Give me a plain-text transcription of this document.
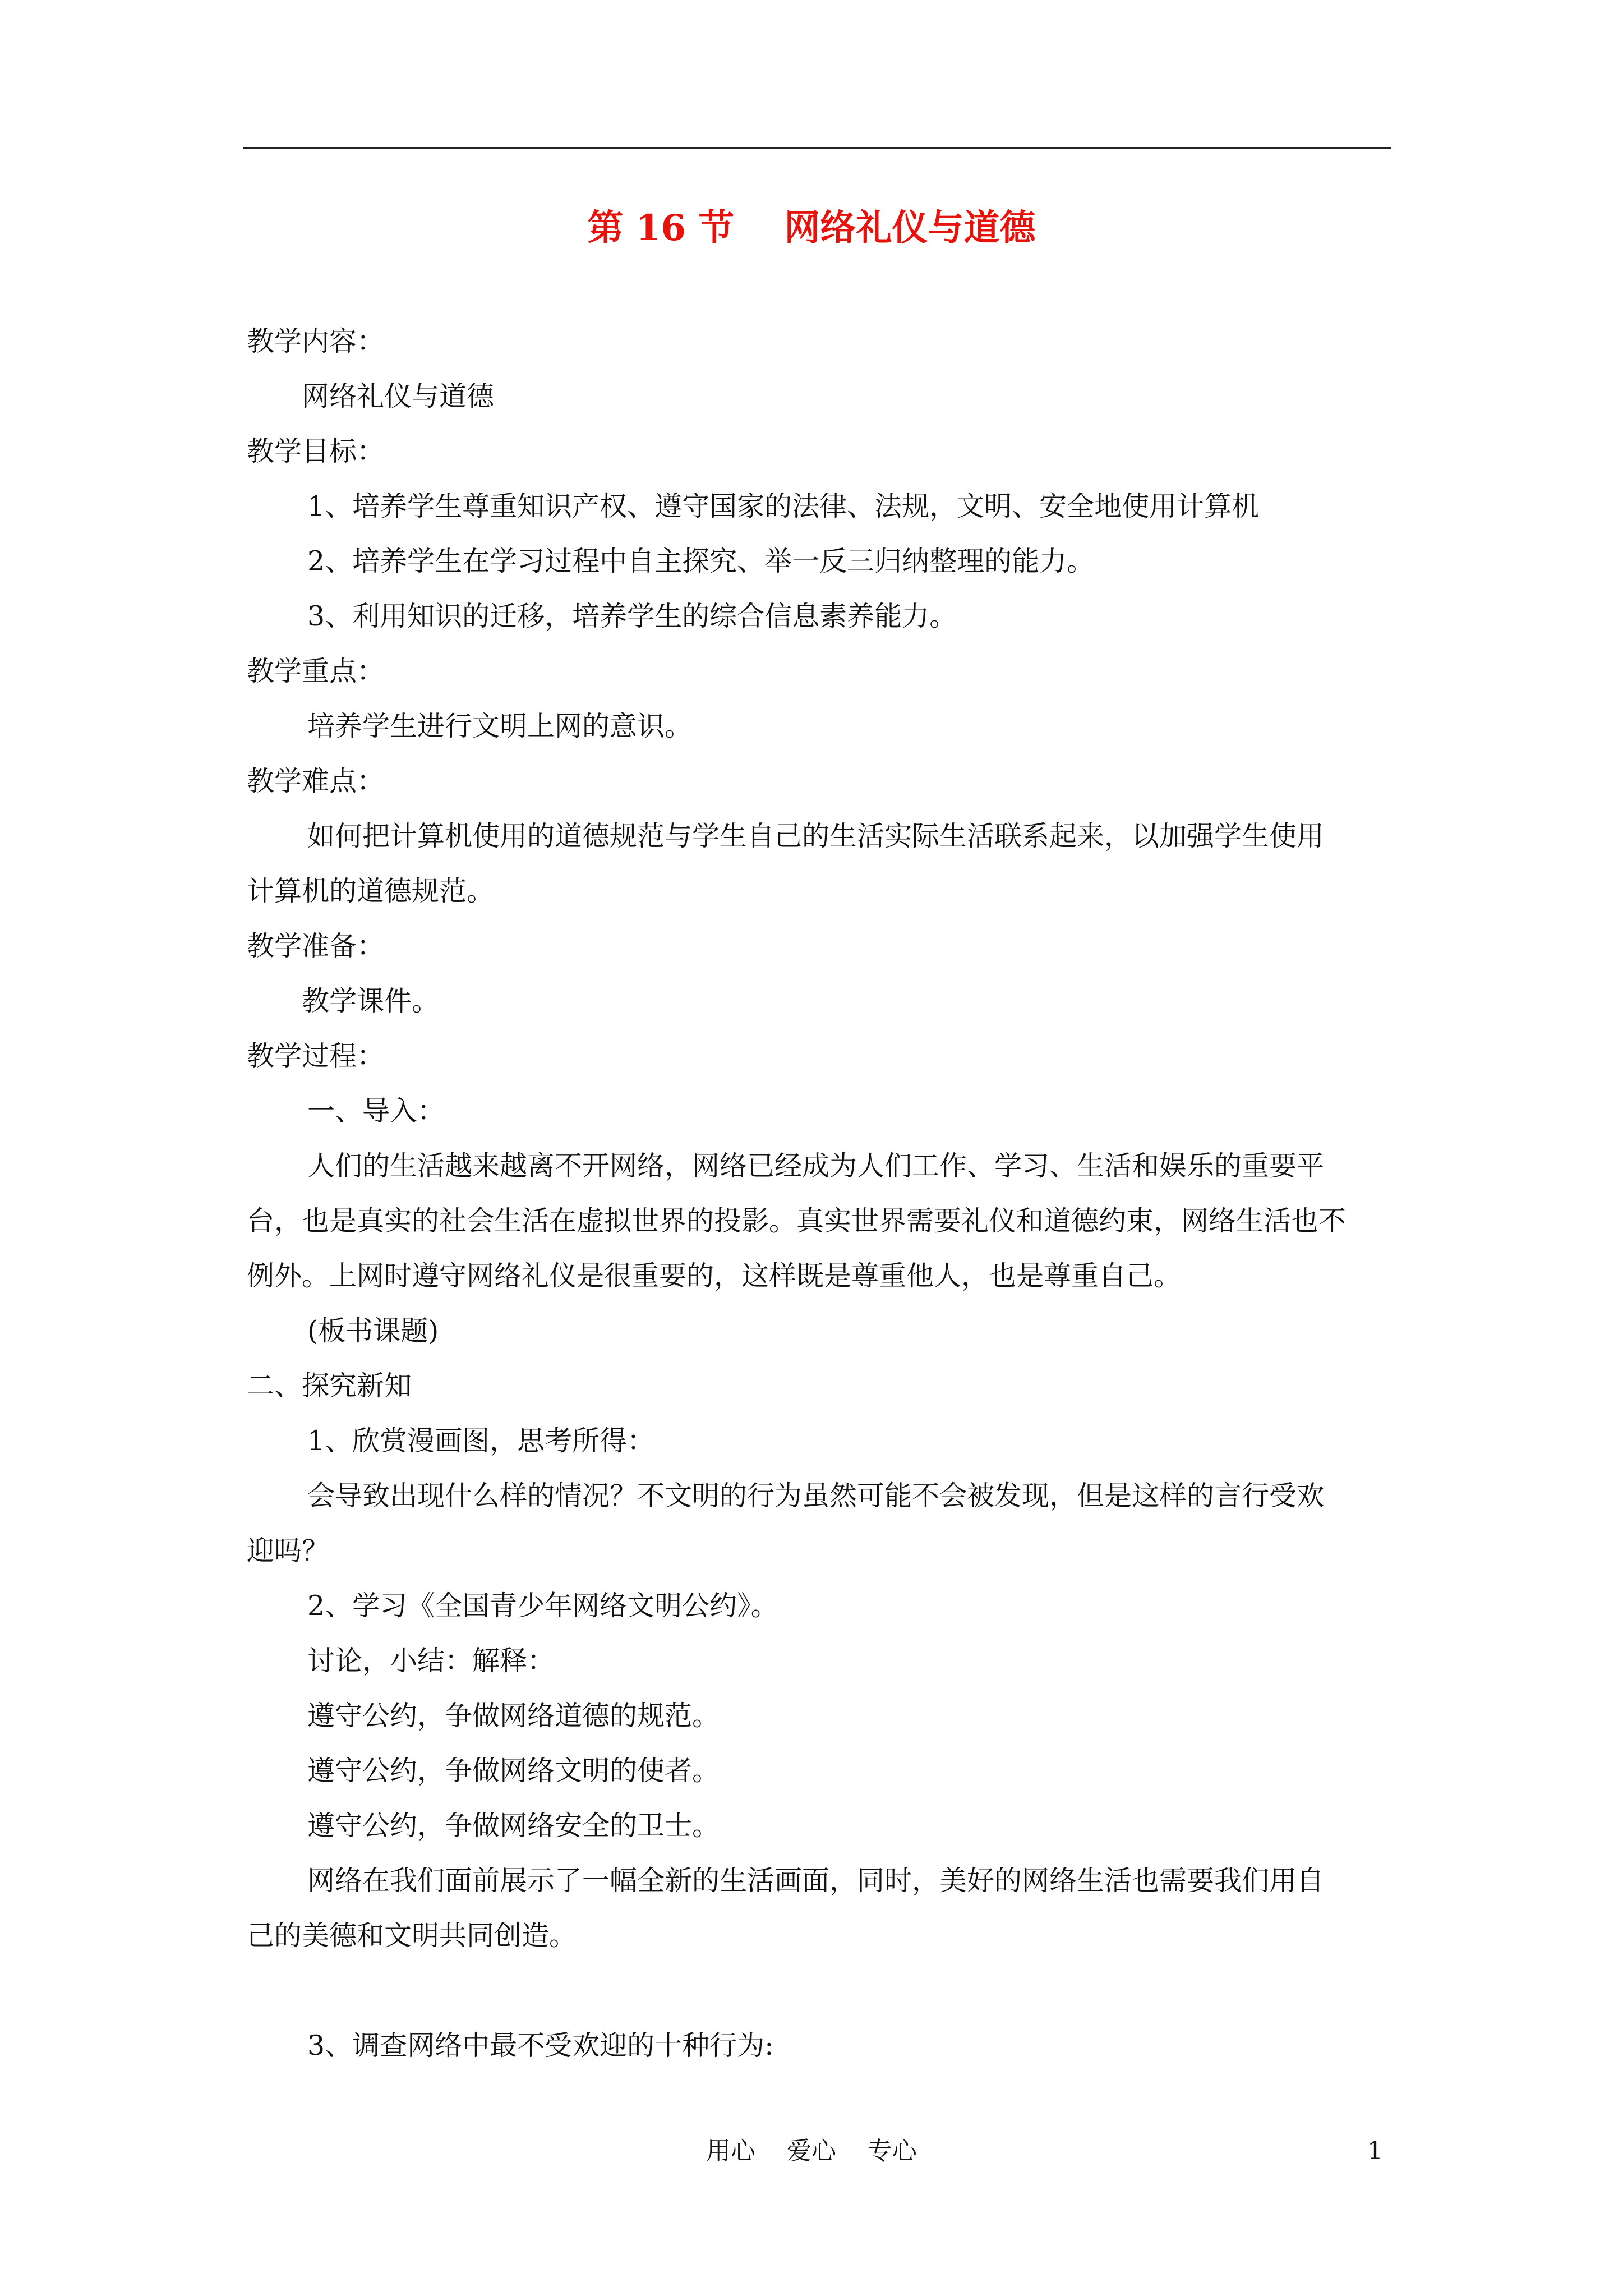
第 16 节    网络礼仪与道德
教学内容：
网络礼仪与道德
教学目标：
1、培养学生尊重知识产权、遵守国家的法律、法规，文明、安全地使用计算机
2、培养学生在学习过程中自主探究、举一反三归纳整理的能力。
3、利用知识的迁移，培养学生的综合信息素养能力。
教学重点：
培养学生进行文明上网的意识。
教学难点：
如何把计算机使用的道德规范与学生自己的生活实际生活联系起来，以加强学生使用
计算机的道德规范。
教学准备：
教学课件。
教学过程：
一、导入：
人们的生活越来越离不开网络，网络已经成为人们工作、学习、生活和娱乐的重要平
台，也是真实的社会生活在虚拟世界的投影。真实世界需要礼仪和道德约束，网络生活也不
例外。上网时遵守网络礼仪是很重要的，这样既是尊重他人，也是尊重自己。
(板书课题)
二、探究新知
1、欣赏漫画图，思考所得：
会导致出现什么样的情况？不文明的行为虽然可能不会被发现，但是这样的言行受欢
迎吗？
2、学习《全国青少年网络文明公约》。
讨论，小结：解释：
遵守公约，争做网络道德的规范。
遵守公约，争做网络文明的使者。
遵守公约，争做网络安全的卫士。
网络在我们面前展示了一幅全新的生活画面，同时，美好的网络生活也需要我们用自
己的美德和文明共同创造。
3、调查网络中最不受欢迎的十种行为:
用心    爱心    专心	1
